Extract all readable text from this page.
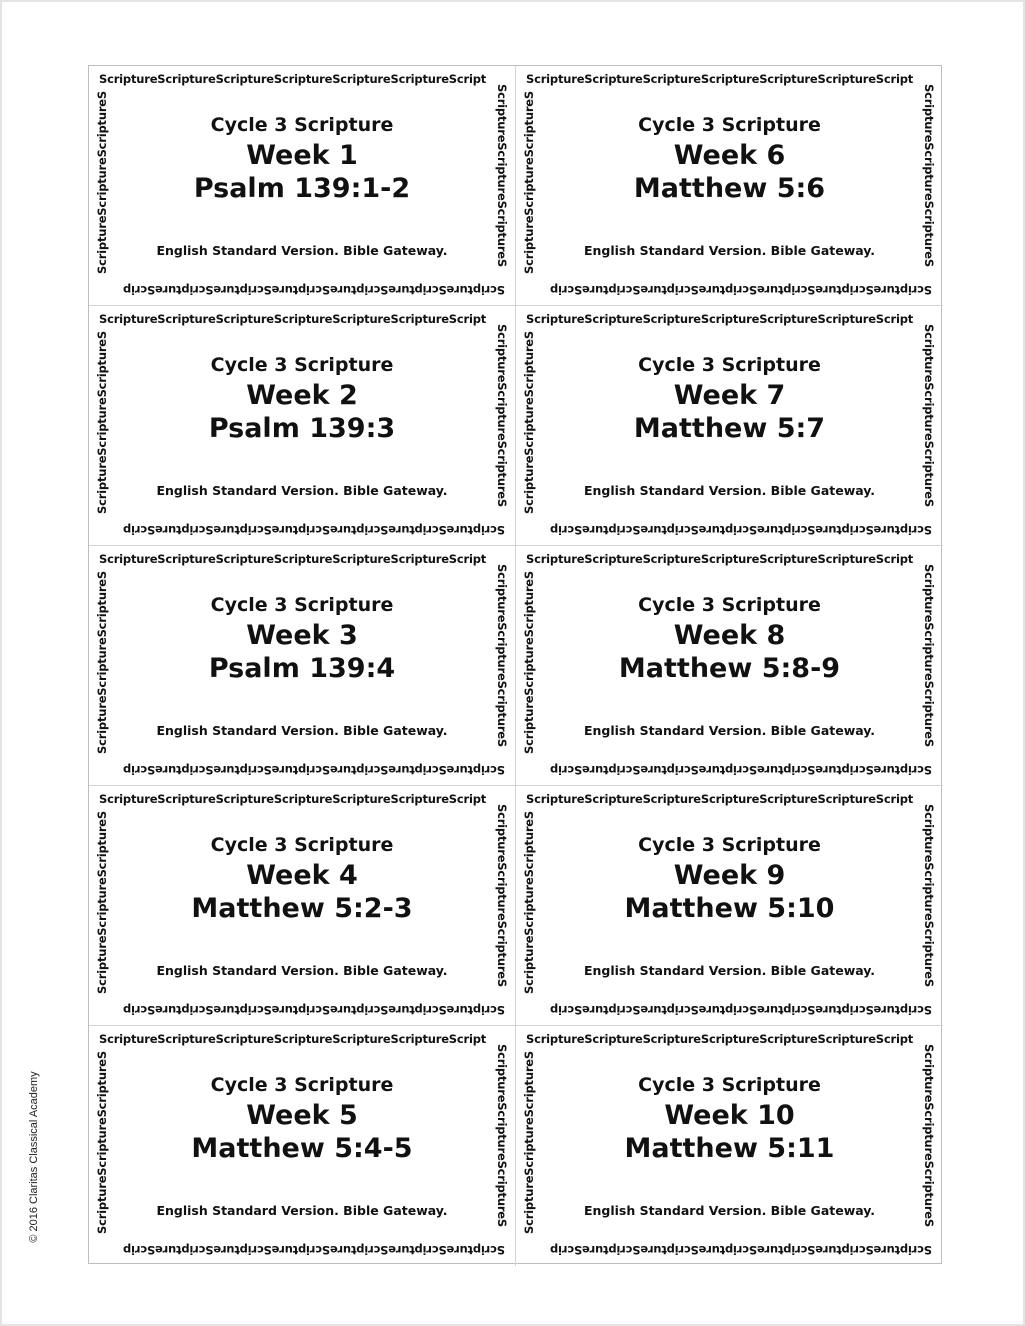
© 2016 Claritas Classical Academy
ScriptureScriptureScriptureScriptureScriptureScriptureScript
ScriptureScriptureScriptureS	ScriptureScriptureScriptureS
ScriptureScriptureScriptureScriptureScriptureScriptureScrip
Cycle 3 Scripture
Week 1
Psalm 139:1-2
English Standard Version. Bible Gateway.
ScriptureScriptureScriptureScriptureScriptureScriptureScript
ScriptureScriptureScriptureS	ScriptureScriptureScriptureS
ScriptureScriptureScriptureScriptureScriptureScriptureScrip
Cycle 3 Scripture
Week 6
Matthew 5:6
English Standard Version. Bible Gateway.
ScriptureScriptureScriptureScriptureScriptureScriptureScript
ScriptureScriptureScriptureS	ScriptureScriptureScriptureS
ScriptureScriptureScriptureScriptureScriptureScriptureScrip
Cycle 3 Scripture
Week 2
Psalm 139:3
English Standard Version. Bible Gateway.
ScriptureScriptureScriptureScriptureScriptureScriptureScript
ScriptureScriptureScriptureS	ScriptureScriptureScriptureS
ScriptureScriptureScriptureScriptureScriptureScriptureScrip
Cycle 3 Scripture
Week 7
Matthew 5:7
English Standard Version. Bible Gateway.
ScriptureScriptureScriptureScriptureScriptureScriptureScript
ScriptureScriptureScriptureS	ScriptureScriptureScriptureS
ScriptureScriptureScriptureScriptureScriptureScriptureScrip
Cycle 3 Scripture
Week 3
Psalm 139:4
English Standard Version. Bible Gateway.
ScriptureScriptureScriptureScriptureScriptureScriptureScript
ScriptureScriptureScriptureS	ScriptureScriptureScriptureS
ScriptureScriptureScriptureScriptureScriptureScriptureScrip
Cycle 3 Scripture
Week 8
Matthew 5:8-9
English Standard Version. Bible Gateway.
ScriptureScriptureScriptureScriptureScriptureScriptureScript
ScriptureScriptureScriptureS	ScriptureScriptureScriptureS
ScriptureScriptureScriptureScriptureScriptureScriptureScrip
Cycle 3 Scripture
Week 4
Matthew 5:2-3
English Standard Version. Bible Gateway.
ScriptureScriptureScriptureScriptureScriptureScriptureScript
ScriptureScriptureScriptureS	ScriptureScriptureScriptureS
ScriptureScriptureScriptureScriptureScriptureScriptureScrip
Cycle 3 Scripture
Week 9
Matthew 5:10
English Standard Version. Bible Gateway.
ScriptureScriptureScriptureScriptureScriptureScriptureScript
ScriptureScriptureScriptureS	ScriptureScriptureScriptureS
ScriptureScriptureScriptureScriptureScriptureScriptureScrip
Cycle 3 Scripture
Week 5
Matthew 5:4-5
English Standard Version. Bible Gateway.
ScriptureScriptureScriptureScriptureScriptureScriptureScript
ScriptureScriptureScriptureS	ScriptureScriptureScriptureS
ScriptureScriptureScriptureScriptureScriptureScriptureScrip
Cycle 3 Scripture
Week 10
Matthew 5:11
English Standard Version. Bible Gateway.
